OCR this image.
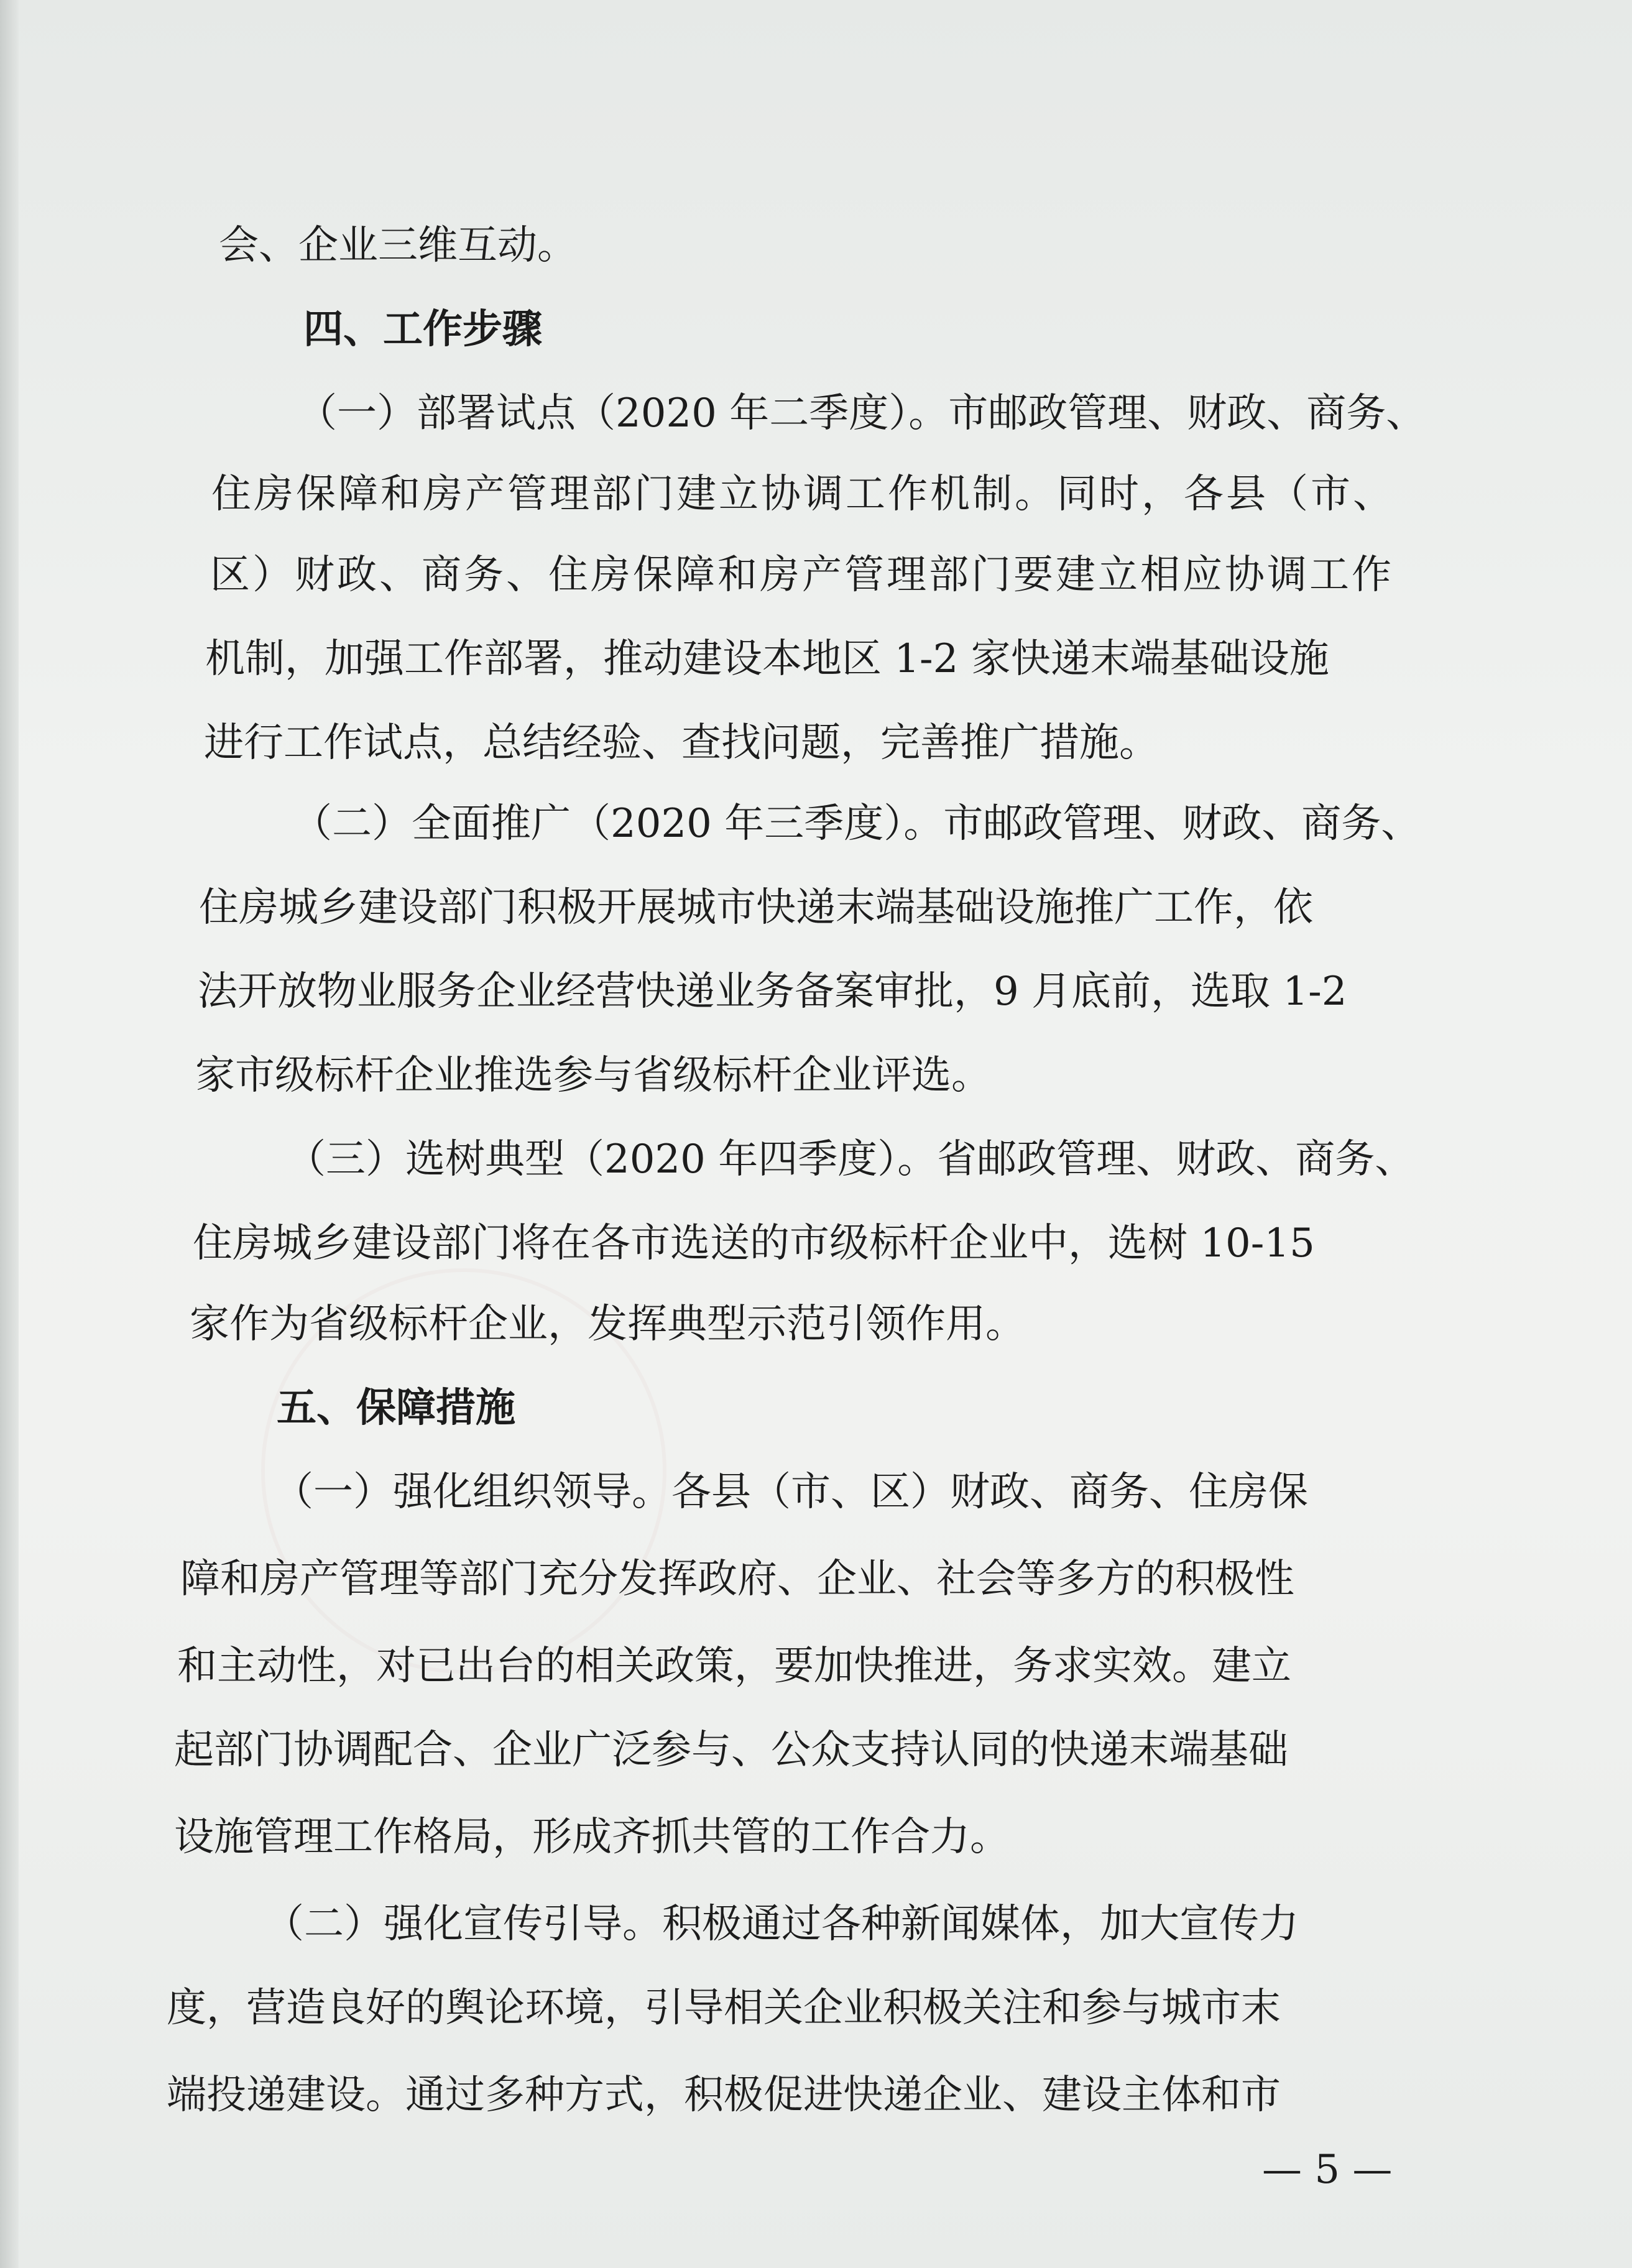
会、企业三维互动。
四、工作步骤
（一）部署试点（2020 年二季度）。市邮政管理、财政、商务、
住房保障和房产管理部门建立协调工作机制。同时，各县（市、
区）财政、商务、住房保障和房产管理部门要建立相应协调工作
机制，加强工作部署，推动建设本地区 1-2 家快递末端基础设施
进行工作试点，总结经验、查找问题，完善推广措施。
（二）全面推广（2020 年三季度）。市邮政管理、财政、商务、
住房城乡建设部门积极开展城市快递末端基础设施推广工作，依
法开放物业服务企业经营快递业务备案审批，9 月底前，选取 1-2
家市级标杆企业推选参与省级标杆企业评选。
（三）选树典型（2020 年四季度）。省邮政管理、财政、商务、
住房城乡建设部门将在各市选送的市级标杆企业中，选树 10-15
家作为省级标杆企业，发挥典型示范引领作用。
五、保障措施
（一）强化组织领导。各县（市、区）财政、商务、住房保
障和房产管理等部门充分发挥政府、企业、社会等多方的积极性
和主动性，对已出台的相关政策，要加快推进，务求实效。建立
起部门协调配合、企业广泛参与、公众支持认同的快递末端基础
设施管理工作格局，形成齐抓共管的工作合力。
（二）强化宣传引导。积极通过各种新闻媒体，加大宣传力
度，营造良好的舆论环境，引导相关企业积极关注和参与城市末
端投递建设。通过多种方式，积极促进快递企业、建设主体和市
— 5 —
